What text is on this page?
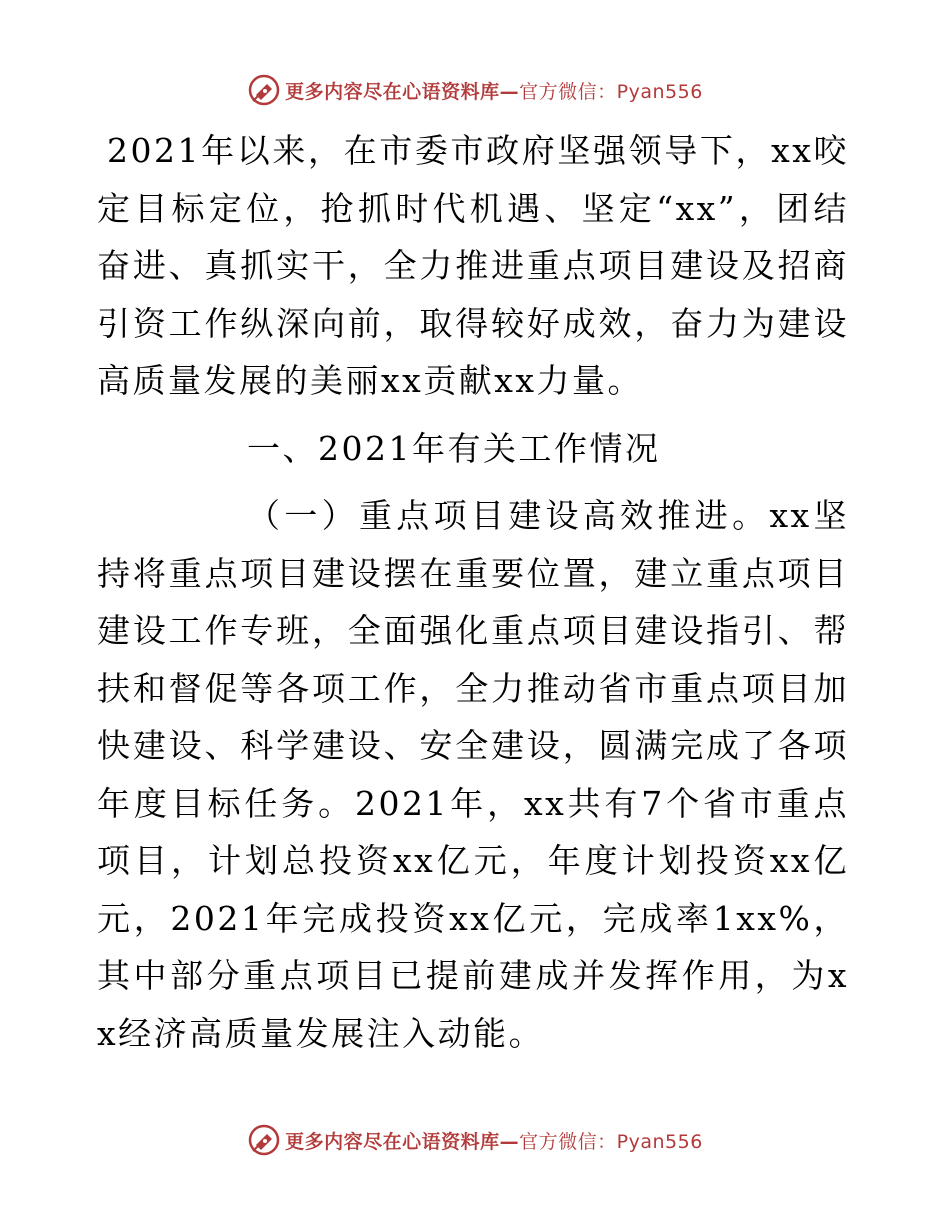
更多内容尽在心语资料库—官方微信：Pyan556

2021年以来，在市委市政府坚强领导下，xx咬定目标定位，抢抓时代机遇、坚定“xx”，团结奋进、真抓实干，全力推进重点项目建设及招商引资工作纵深向前，取得较好成效，奋力为建设高质量发展的美丽xx贡献xx力量。

一、2021年有关工作情况

（一）重点项目建设高效推进。xx坚持将重点项目建设摆在重要位置，建立重点项目建设工作专班，全面强化重点项目建设指引、帮扶和督促等各项工作，全力推动省市重点项目加快建设、科学建设、安全建设，圆满完成了各项年度目标任务。2021年，xx共有7个省市重点项目，计划总投资xx亿元，年度计划投资xx亿元，2021年完成投资xx亿元，完成率1xx%，其中部分重点项目已提前建成并发挥作用，为xx经济高质量发展注入动能。

更多内容尽在心语资料库—官方微信：Pyan556
